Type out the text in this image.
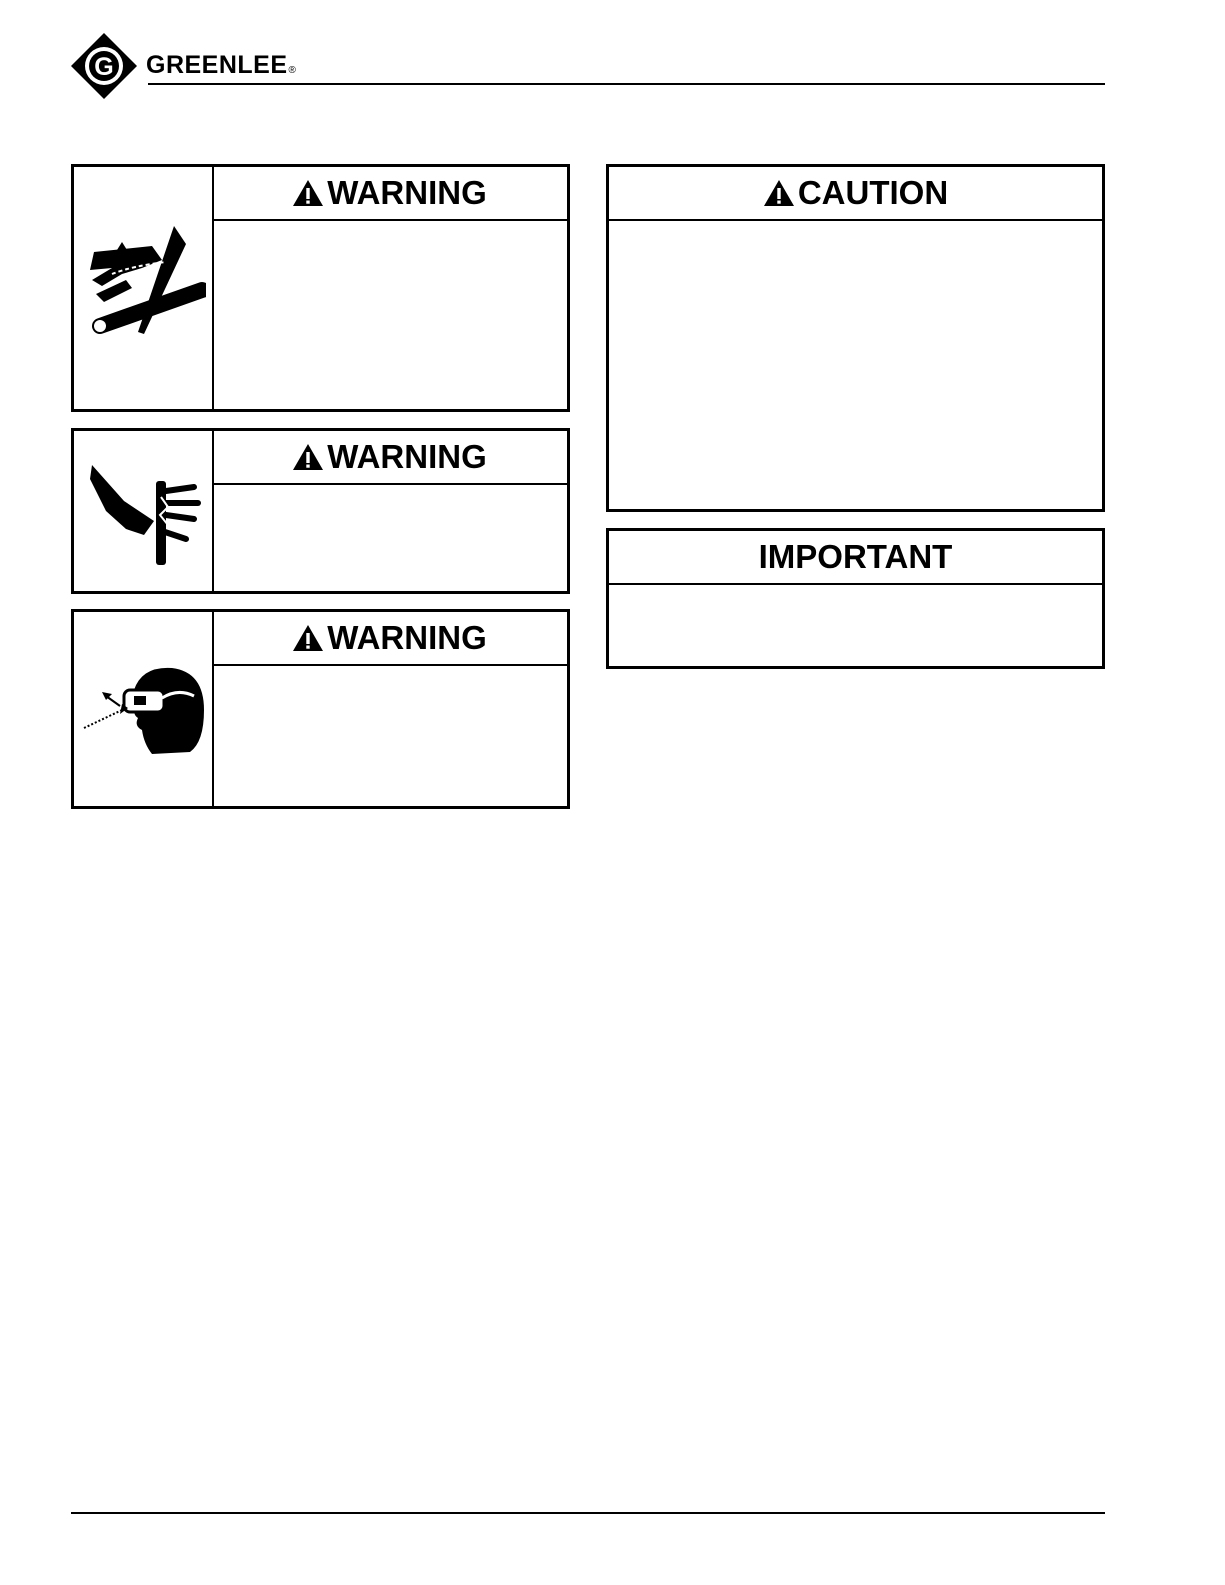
G GREENLEE®
WARNING
WARNING
WARNING
CAUTION
IMPORTANT
